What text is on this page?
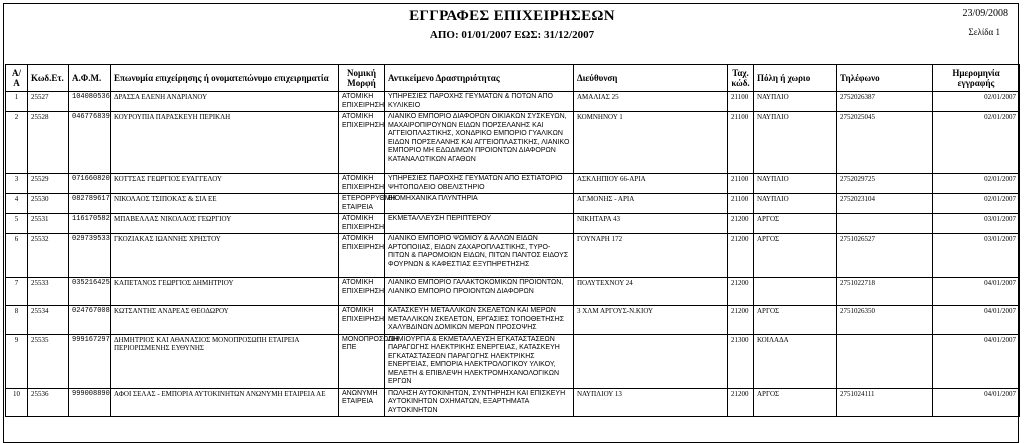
ΕΓΓΡΑΦΕΣ ΕΠΙΧΕΙΡΗΣΕΩΝ
ΑΠΟ: 01/01/2007 ΕΩΣ: 31/12/2007
23/09/2008
Σελίδα 1
Α/Α	Κωδ.Ετ.	Α.Φ.Μ.	Επωνυμία επιχείρησης ή ονοματεπώνυμο επιχειρηματία	Νομική Μορφή	Αντικείμενο Δραστηριότητας	Διεύθυνση	Ταχ. κώδ.	Πόλη ή χωριο	Τηλέφωνο	Ημερομηνία εγγραφής
1	25527	104080536	ΔΡΑΣΣΑ ΕΛΕΝΗ ΑΝΔΡΙΑΝΟΥ	ΑΤΟΜΙΚΗ ΕΠΙΧΕΙΡΗΣΗ	ΥΠΗΡΕΣΙΕΣ ΠΑΡΟΧΗΣ ΓΕΥΜΑΤΩΝ & ΠΟΤΩΝ ΑΠΟ ΚΥΛΙΚΕΙΟ	ΑΜΑΛΙΑΣ 25	21100	ΝΑΥΠΛΙΟ	2752026387	02/01/2007
2	25528	046776839	ΚΟΥΡΟΥΠΙΑ ΠΑΡΑΣΚΕΥΗ ΠΕΡΙΚΛΗ	ΑΤΟΜΙΚΗ ΕΠΙΧΕΙΡΗΣΗ	ΛΙΑΝΙΚΟ ΕΜΠΟΡΙΟ ΔΙΑΦΟΡΩΝ ΟΙΚΙΑΚΩΝ ΣΥΣΚΕΥΩΝ, ΜΑΧΑΙΡΟΠΙΡΟΥΝΩΝ ΕΙΔΩΝ ΠΟΡΣΕΛΑΝΗΣ ΚΑΙ ΑΓΓΕΙΟΠΛΑΣΤΙΚΗΣ, ΧΟΝΔΡΙΚΟ ΕΜΠΟΡΙΟ ΓΥΑΛΙΚΩΝ ΕΙΔΩΝ ΠΟΡΣΕΛΑΝΗΣ ΚΑΙ ΑΓΓΕΙΟΠΛΑΣΤΙΚΗΣ, ΛΙΑΝΙΚΟ ΕΜΠΟΡΙΟ ΜΗ ΕΔΩΔΙΜΩΝ ΠΡΟΙΟΝΤΩΝ ΔΙΑΦΟΡΩΝ ΚΑΤΑΝΑΛΩΤΙΚΩΝ ΑΓΑΘΩΝ	ΚΟΜΝΗΝΟΥ 1	21100	ΝΑΥΠΛΙΟ	2752025045	02/01/2007
3	25529	071660820	ΚΟΤΤΣΑΣ ΓΕΩΡΓΙΟΣ ΕΥΑΓΓΕΛΟΥ	ΑΤΟΜΙΚΗ ΕΠΙΧΕΙΡΗΣΗ	ΥΠΗΡΕΣΙΕΣ ΠΑΡΟΧΗΣ ΓΕΥΜΑΤΩΝ ΑΠΟ ΕΣΤΙΑΤΟΡΙΟ ΨΗΤΟΠΩΛΕΙΟ ΟΒΕΛΙΣΤΗΡΙΟ	ΑΣΚΛΗΠΙΟΥ 66-ΑΡΙΑ	21100	ΝΑΥΠΛΙΟ	2752029725	02/01/2007
4	25530	082789617	ΝΙΚΟΛΑΟΣ ΤΣΙΠΟΚΑΣ & ΣΙΑ ΕΕ	ΕΤΕΡΟΡΡΥΘΜΗ ΕΤΑΙΡΕΙΑ	ΒΙΟΜΗΧΑΝΙΚΑ ΠΛΥΝΤΗΡΙΑ	ΑΓ.ΜΟΝΗΣ - ΑΡΙΑ	21100	ΝΑΥΠΛΙΟ	2752023104	02/01/2007
5	25531	116170582	ΜΠΑΒΕΛΛΑΣ ΝΙΚΟΛΑΟΣ ΓΕΩΡΓΙΟΥ	ΑΤΟΜΙΚΗ ΕΠΙΧΕΙΡΗΣΗ	ΕΚΜΕΤΑΛΛΕΥΣΗ ΠΕΡΙΠΤΕΡΟΥ	ΝΙΚΗΤΑΡΑ 43	21200	ΑΡΓΟΣ		03/01/2007
6	25532	029739533	ΓΚΟΖΙΑΚΑΣ ΙΩΑΝΝΗΣ ΧΡΗΣΤΟΥ	ΑΤΟΜΙΚΗ ΕΠΙΧΕΙΡΗΣΗ	ΛΙΑΝΙΚΟ ΕΜΠΟΡΙΟ ΨΩΜΙΟΥ & ΑΛΛΩΝ ΕΙΔΩΝ ΑΡΤΟΠΟΙΙΑΣ, ΕΙΔΩΝ ΖΑΧΑΡΟΠΛΑΣΤΙΚΗΣ, ΤΥΡΟ-ΠΙΤΩΝ & ΠΑΡΟΜΟΙΩΝ ΕΙΔΩΝ, ΠΙΤΩΝ ΠΑΝΤΟΣ ΕΙΔΟΥΣ ΦΟΥΡΝΩΝ & ΚΑΦΕΣΤΙΑΣ ΕΞΥΠΗΡΕΤΗΣΗΣ	ΓΟΥΝΑΡΗ 172	21200	ΑΡΓΟΣ	2751026527	03/01/2007
7	25533	035216425	ΚΑΠΕΤΑΝΟΣ ΓΕΩΡΓΙΟΣ ΔΗΜΗΤΡΙΟΥ	ΑΤΟΜΙΚΗ ΕΠΙΧΕΙΡΗΣΗ	ΛΙΑΝΙΚΟ ΕΜΠΟΡΙΟ ΓΑΛΑΚΤΟΚΟΜΙΚΩΝ ΠΡΟΙΟΝΤΩΝ, ΛΙΑΝΙΚΟ ΕΜΠΟΡΙΟ ΠΡΟΙΟΝΤΩΝ ΔΙΑΦΟΡΩΝ	ΠΟΛΥΤΕΧΝΟΥ 24	21200		2751022718	04/01/2007
8	25534	024767008	ΚΩΤΣΑΝΤΗΣ ΑΝΔΡΕΑΣ ΘΕΟΔΩΡΟΥ	ΑΤΟΜΙΚΗ ΕΠΙΧΕΙΡΗΣΗ	ΚΑΤΑΣΚΕΥΗ ΜΕΤΑΛΛΙΚΩΝ ΣΚΕΛΕΤΩΝ ΚΑΙ ΜΕΡΩΝ ΜΕΤΑΛΛΙΚΩΝ ΣΚΕΛΕΤΩΝ, ΕΡΓΑΣΙΕΣ ΤΟΠΟΘΕΤΗΣΗΣ ΧΑΛΥΒΔΙΝΩΝ ΔΟΜΙΚΩΝ ΜΕΡΩΝ ΠΡΟΣΟΨΗΣ	3 ΧΛΜ ΑΡΓΟΥΣ-Ν.ΚΙΟΥ	21200	ΑΡΓΟΣ	2751026350	04/01/2007
9	25535	999167297	ΔΗΜΗΤΡΙΟΣ ΚΑΙ ΑΘΑΝΑΣΙΟΣ ΜΟΝΟΠΡΟΣΩΠΗ ΕΤΑΙΡΕΙΑ ΠΕΡΙΟΡΙΣΜΕΝΗΣ ΕΥΘΥΝΗΣ	ΜΟΝΟΠΡΟΣΩΠΗ ΕΠΕ	ΔΗΜΙΟΥΡΓΙΑ & ΕΚΜΕΤΑΛΛΕΥΣΗ ΕΓΚΑΤΑΣΤΑΣΕΩΝ ΠΑΡΑΓΩΓΗΣ ΗΛΕΚΤΡΙΚΗΣ ΕΝΕΡΓΕΙΑΣ, ΚΑΤΑΣΚΕΥΗ ΕΓΚΑΤΑΣΤΑΣΕΩΝ ΠΑΡΑΓΩΓΗΣ ΗΛΕΚΤΡΙΚΗΣ ΕΝΕΡΓΕΙΑΣ, ΕΜΠΟΡΙΑ ΗΛΕΚΤΡΟΛΟΓΙΚΟΥ ΥΛΙΚΟΥ, ΜΕΛΕΤΗ & ΕΠΙΒΛΕΨΗ ΗΛΕΚΤΡΟΜΗΧΑΝΟΛΟΓΙΚΩΝ ΕΡΓΩΝ		21300	ΚΟΙΛΑΔΑ		04/01/2007
10	25536	999008890	ΑΦΟΙ ΣΕΛΑΣ - ΕΜΠΟΡΙΑ ΑΥΤΟΚΙΝΗΤΩΝ ΑΝΩΝΥΜΗ ΕΤΑΙΡΕΙΑ ΑΕ	ΑΝΩΝΥΜΗ ΕΤΑΙΡΕΙΑ	ΠΩΛΗΣΗ ΑΥΤΟΚΙΝΗΤΩΝ, ΣΥΝΤΗΡΗΣΗ ΚΑΙ ΕΠΙΣΚΕΥΗ ΑΥΤΟΚΙΝΗΤΩΝ ΟΧΗΜΑΤΩΝ, ΕΞΑΡΤΗΜΑΤΑ ΑΥΤΟΚΙΝΗΤΩΝ	ΝΑΥΠΛΙΟΥ 13	21200	ΑΡΓΟΣ	2751024111	04/01/2007
